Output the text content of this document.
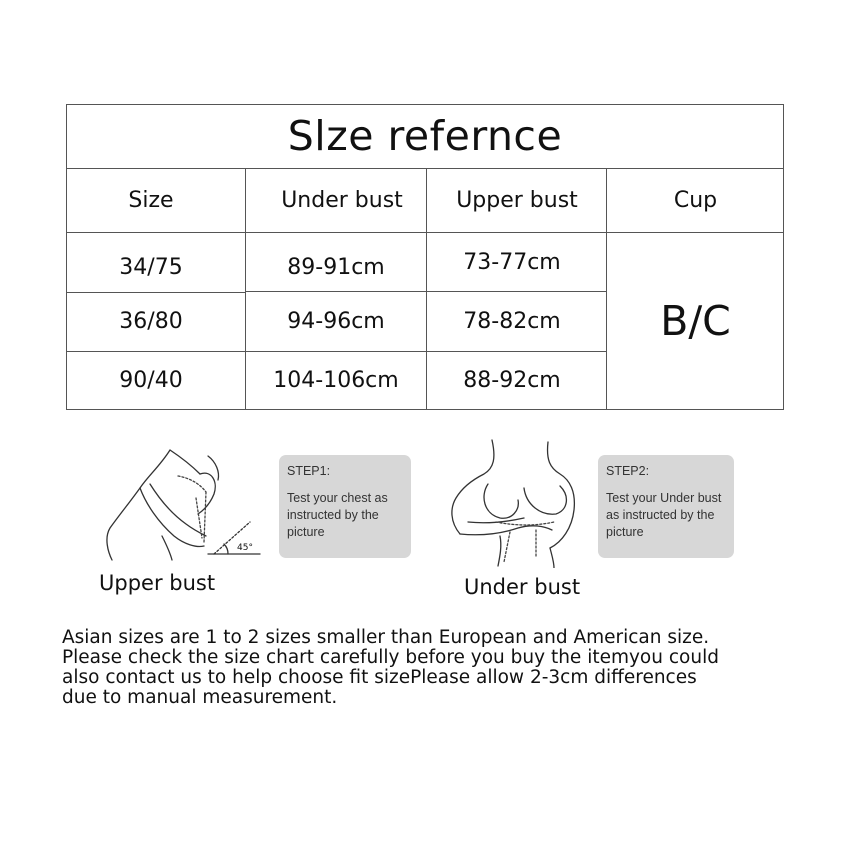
Slze refernce
Size	Under bust	Upper bust	Cup
34/75	89-91cm	73-77cm
36/80	94-96cm	78-82cm
90/40	104-106cm	88-92cm
B/C
45°
STEP1:
Test your chest as instructed by the picture
Upper bust
STEP2:
Test your Under bust as instructed by the picture
Under bust

Asian sizes are 1 to 2 sizes smaller than European and American size.

Please check the size chart carefully before you buy the itemyou could

also contact us to help choose fit sizePlease allow 2-3cm differences

due to manual measurement.
